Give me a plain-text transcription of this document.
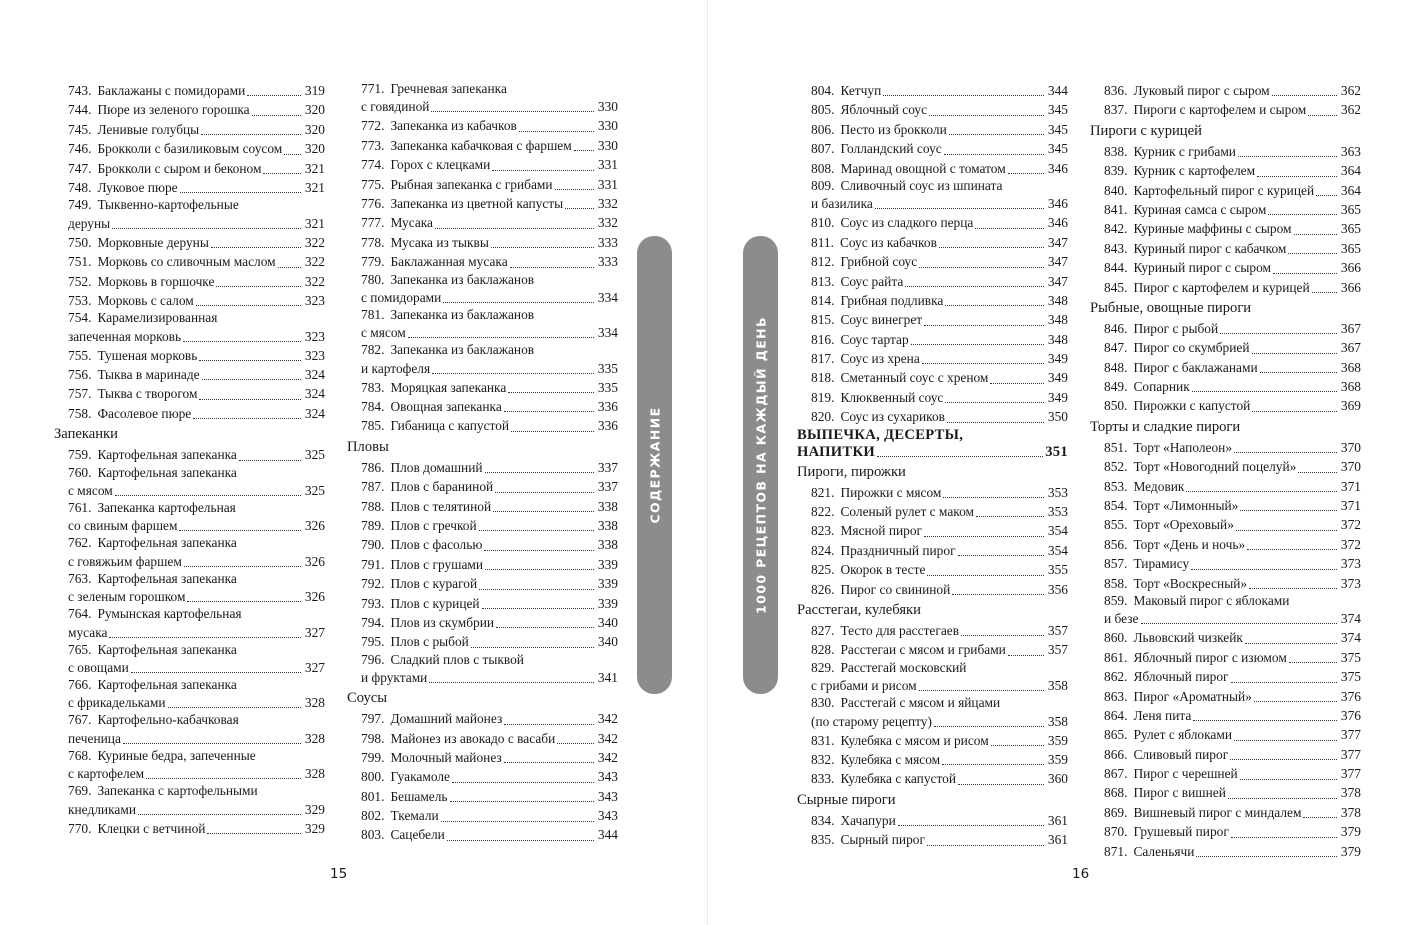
743. Баклажаны с помидорами	319
744. Пюре из зеленого горошка	320
745. Ленивые голубцы	320
746. Брокколи с базиликовым соусом 320
747. Брокколи с сыром и беконом	321
748. Луковое пюре	321
749. Тыквенно-картофельные
деруны	321
750. Морковные деруны	322
751. Морковь со сливочным маслом 322
752. Морковь в горшочке	322
753. Морковь с салом	323
754. Карамелизированная
запеченная морковь	323
755. Тушеная морковь	323
756. Тыква в маринаде	324
757. Тыква с творогом	324
758. Фасолевое пюре	324
Запеканки
759. Картофельная запеканка	325
760. Картофельная запеканка
с мясом	325
761. Запеканка картофельная
со свиным фаршем	326
762. Картофельная запеканка
с говяжьим фаршем	326
763. Картофельная запеканка
с зеленым горошком	326
764. Румынская картофельная
мусака	327
765. Картофельная запеканка
с овощами	327
766. Картофельная запеканка
с фрикадельками	328
767. Картофельно-кабачковая
печеница	328
768. Куриные бедра, запеченные
с картофелем	328
769. Запеканка с картофельными
кнедликами	329
770. Клецки с ветчиной	329
771. Гречневая запеканка
с говядиной	330
772. Запеканка из кабачков	330
773. Запеканка кабачковая с фаршем 330
774. Горох с клецками	331
775. Рыбная запеканка с грибами	331
776. Запеканка из цветной капусты	332
777. Мусака	332
778. Мусака из тыквы	333
779. Баклажанная мусака	333
780. Запеканка из баклажанов
с помидорами	334
781. Запеканка из баклажанов
с мясом	334
782. Запеканка из баклажанов
и картофеля	335
783. Моряцкая запеканка	335
784. Овощная запеканка	336
785. Гибаница с капустой	336
Пловы
786. Плов домашний	337
787. Плов с бараниной	337
788. Плов с телятиной	338
789. Плов с гречкой	338
790. Плов с фасолью	338
791. Плов с грушами	339
792. Плов с курагой	339
793. Плов с курицей	339
794. Плов из скумбрии	340
795. Плов с рыбой	340
796. Сладкий плов с тыквой
и фруктами	341
Соусы
797. Домашний майонез	342
798. Майонез из авокадо с васаби	342
799. Молочный майонез	342
800. Гуакамоле	343
801. Бешамель	343
802. Ткемали	343
803. Сацебели	344
804. Кетчуп	344
805. Яблочный соус	345
806. Песто из брокколи	345
807. Голландский соус	345
808. Маринад овощной с томатом	346
809. Сливочный соус из шпината
и базилика	346
810. Соус из сладкого перца	346
811. Соус из кабачков	347
812. Грибной соус	347
813. Соус райта	347
814. Грибная подливка	348
815. Соус винегрет	348
816. Соус тартар	348
817. Соус из хрена	349
818. Сметанный соус с хреном	349
819. Клюквенный соус	349
820. Соус из сухариков	350
ВЫПЕЧКА, ДЕСЕРТЫ,
НАПИТКИ	351
Пироги, пирожки
821. Пирожки с мясом	353
822. Соленый рулет с маком	353
823. Мясной пирог	354
824. Праздничный пирог	354
825. Окорок в тесте	355
826. Пирог со свининой	356
Расстегаи, кулебяки
827. Тесто для расстегаев	357
828. Расстегаи с мясом и грибами	357
829. Расстегай московский
с грибами и рисом	358
830. Расстегай с мясом и яйцами
(по старому рецепту)	358
831. Кулебяка с мясом и рисом	359
832. Кулебяка с мясом	359
833. Кулебяка с капустой	360
Сырные пироги
834. Хачапури	361
835. Сырный пирог	361
836. Луковый пирог с сыром	362
837. Пироги с картофелем и сыром	362
Пироги с курицей
838. Курник с грибами	363
839. Курник с картофелем	364
840. Картофельный пирог с курицей 364
841. Куриная самса с сыром	365
842. Куриные маффины с сыром	365
843. Куриный пирог с кабачком	365
844. Куриный пирог с сыром	366
845. Пирог с картофелем и курицей 366
Рыбные, овощные пироги
846. Пирог с рыбой	367
847. Пирог со скумбрией	367
848. Пирог с баклажанами	368
849. Сопарник	368
850. Пирожки с капустой	369
Торты и сладкие пироги
851. Торт «Наполеон»	370
852. Торт «Новогодний поцелуй»	370
853. Медовик	371
854. Торт «Лимонный»	371
855. Торт «Ореховый»	372
856. Торт «День и ночь»	372
857. Тирамису	373
858. Торт «Воскресный»	373
859. Маковый пирог с яблоками
и безе	374
860. Львовский чизкейк	374
861. Яблочный пирог с изюмом	375
862. Яблочный пирог	375
863. Пирог «Ароматный»	376
864. Леня пита	376
865. Рулет с яблоками	377
866. Сливовый пирог	377
867. Пирог с черешней	377
868. Пирог с вишней	378
869. Вишневый пирог с миндалем	378
870. Грушевый пирог	379
871. Саленьячи	379
СОДЕРЖАНИЕ	1000 РЕЦЕПТОВ НА КАЖДЫЙ ДЕНЬ
15	16
